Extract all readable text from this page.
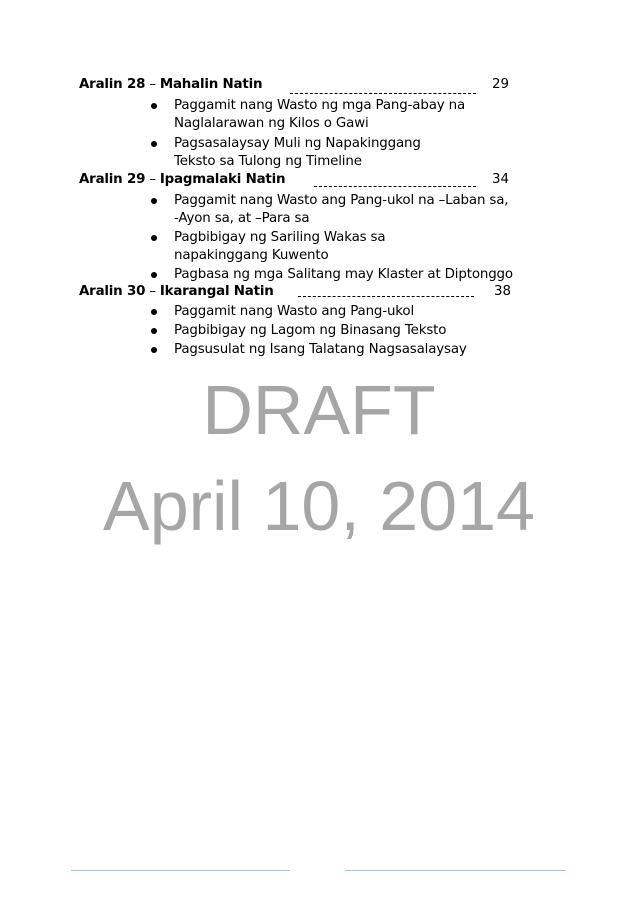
Aralin 28 – Mahalin Natin	29
Paggamit nang Wasto ng mga Pang-abay na
Naglalarawan ng Kilos o Gawi
Pagsasalaysay Muli ng Napakinggang
Teksto sa Tulong ng Timeline
Aralin 29 – Ipagmalaki Natin	34
Paggamit nang Wasto ang Pang-ukol na –Laban sa,
-Ayon sa, at –Para sa
Pagbibigay ng Sariling Wakas sa
napakinggang Kuwento
Pagbasa ng mga Salitang may Klaster at Diptonggo
Aralin 30 – Ikarangal Natin	38
Paggamit nang Wasto ang Pang-ukol
Pagbibigay ng Lagom ng Binasang Teksto
Pagsusulat ng Isang Talatang Nagsasalaysay
DRAFT
April 10, 2014
